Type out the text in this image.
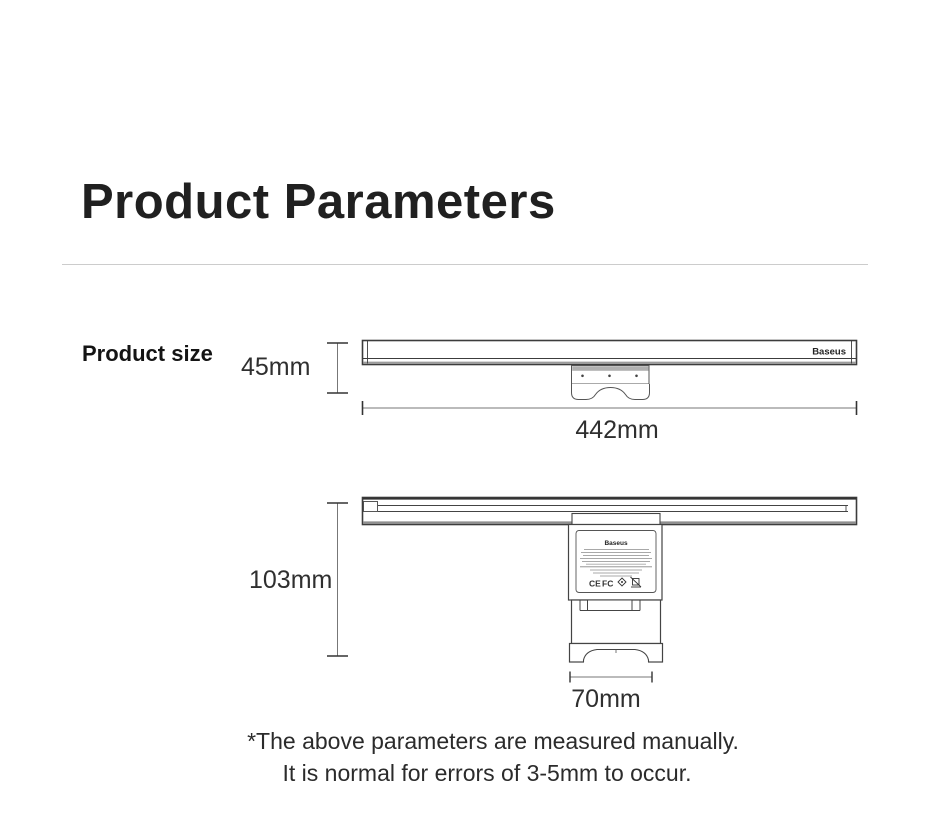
Product Parameters
Product size	Baseus
Baseus
CE FC
45mm
442mm
103mm
70mm
*The above parameters are measured manually.
It is normal for errors of 3-5mm to occur.
